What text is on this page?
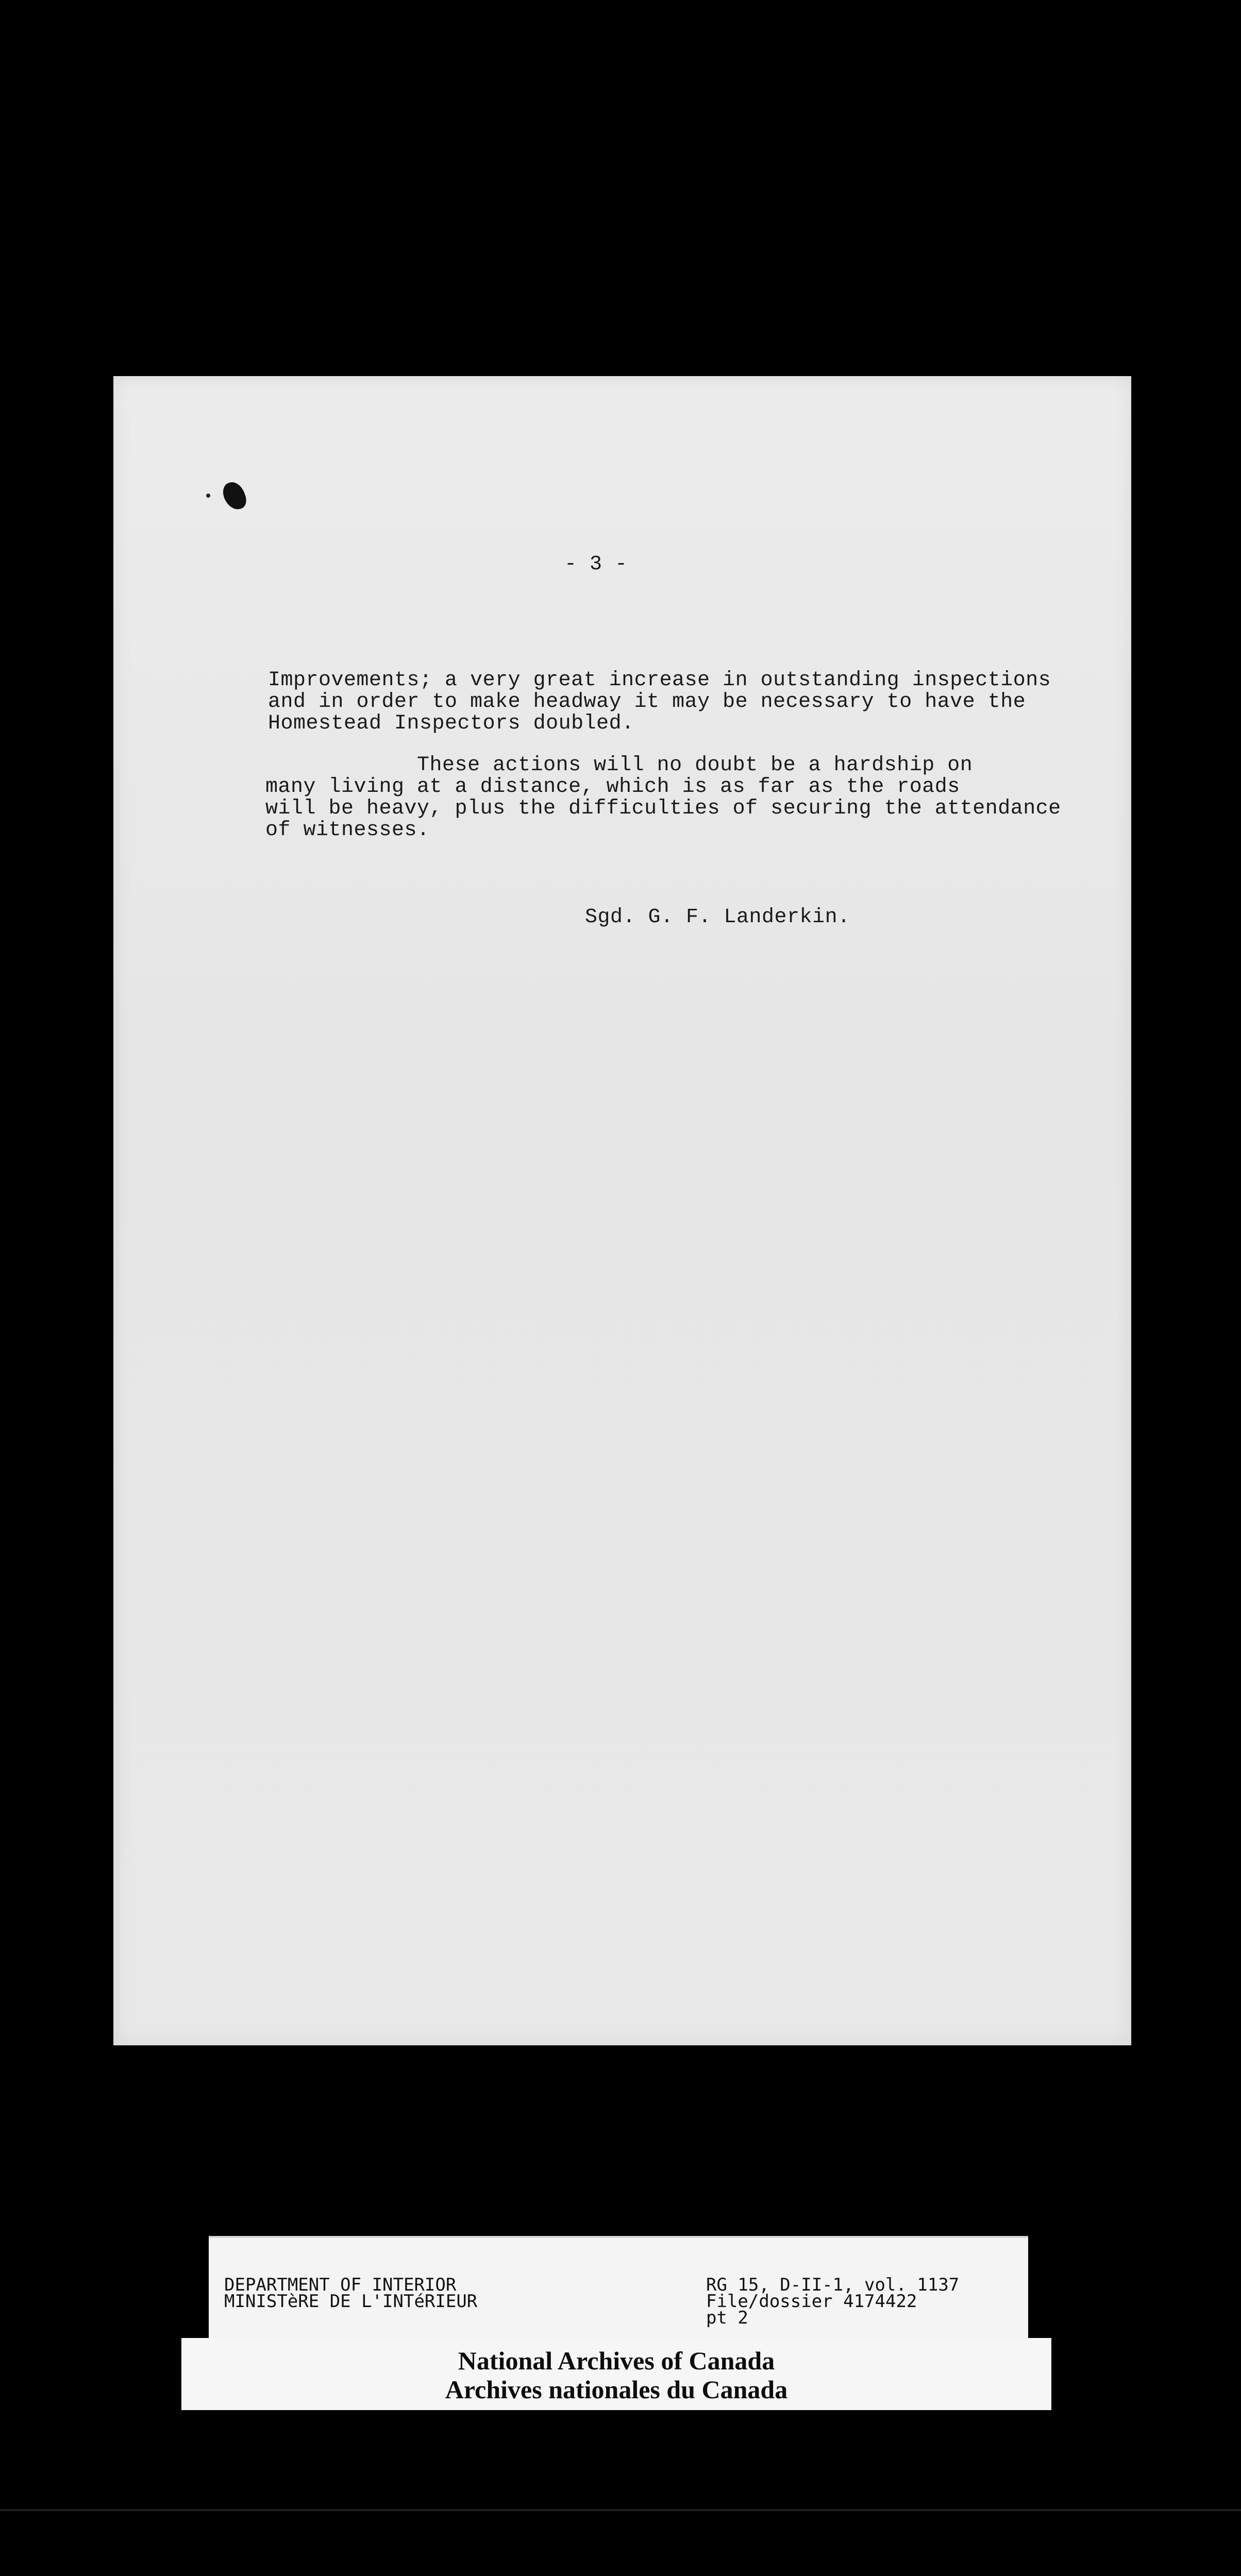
- 3 -
Improvements; a very great increase in outstanding inspections
and in order to make headway it may be necessary to have the
Homestead Inspectors doubled.
These actions will no doubt be a hardship on
many living at a distance, which is as far as the roads
will be heavy, plus the difficulties of securing the attendance
of witnesses.
Sgd. G. F. Landerkin.
DEPARTMENT OF INTERIOR
MINISTèRE DE L'INTéRIEUR
RG 15, D-II-1, vol. 1137
File/dossier 4174422
pt 2
National Archives of Canada
Archives nationales du Canada
